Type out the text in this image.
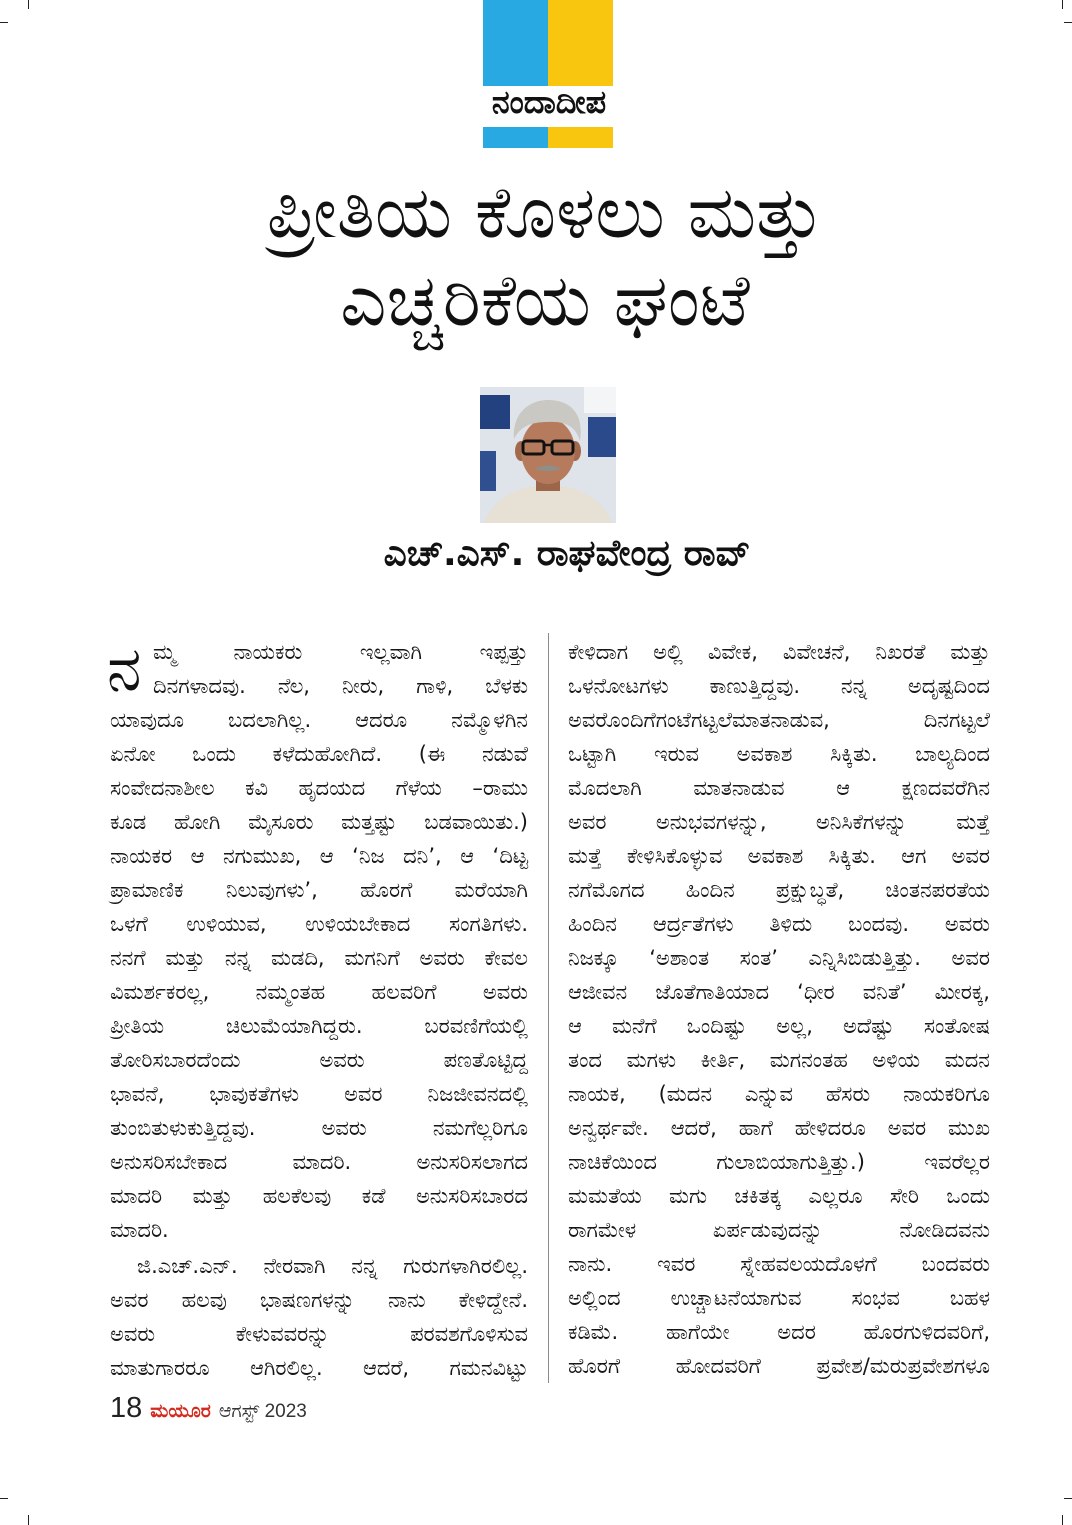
ನಂದಾದೀಪ
ಪ್ರೀತಿಯ ಕೊಳಲು ಮತ್ತು
ಎಚ್ಚರಿಕೆಯ ಘಂಟೆ
ಎಚ್‌.ಎಸ್‌. ರಾಘವೇಂದ್ರ ರಾವ್
ನ ಮ್ಮ ನಾಯಕರು ಇಲ್ಲವಾಗಿ ಇಪ್ಪತ್ತು
ದಿನಗಳಾದವು. ನೆಲ, ನೀರು, ಗಾಳಿ, ಬೆಳಕು
ಯಾವುದೂ ಬದಲಾಗಿಲ್ಲ. ಆದರೂ ನಮ್ಮೊಳಗಿನ
ಏನೋ ಒಂದು ಕಳೆದುಹೋಗಿದೆ. (ಈ ನಡುವೆ
ಸಂವೇದನಾಶೀಲ ಕವಿ ಹೃದಯದ ಗೆಳೆಯ –ರಾಮು
ಕೂಡ ಹೋಗಿ ಮೈಸೂರು ಮತ್ತಷ್ಟು ಬಡವಾಯಿತು.)
ನಾಯಕರ ಆ ನಗುಮುಖ, ಆ ‘ನಿಜ ದನಿ’, ಆ ‘ದಿಟ್ಟ
ಪ್ರಾಮಾಣಿಕ ನಿಲುವುಗಳು’, ಹೊರಗೆ ಮರೆಯಾಗಿ
ಒಳಗೆ ಉಳಿಯುವ, ಉಳಿಯಬೇಕಾದ ಸಂಗತಿಗಳು.
ನನಗೆ ಮತ್ತು ನನ್ನ ಮಡದಿ, ಮಗನಿಗೆ ಅವರು ಕೇವಲ
ವಿಮರ್ಶಕರಲ್ಲ, ನಮ್ಮಂತಹ ಹಲವರಿಗೆ ಅವರು
ಪ್ರೀತಿಯ ಚಿಲುಮೆಯಾಗಿದ್ದರು. ಬರವಣಿಗೆಯಲ್ಲಿ
ತೋರಿಸಬಾರದೆಂದು ಅವರು ಪಣತೊಟ್ಟಿದ್ದ
ಭಾವನೆ, ಭಾವುಕತೆಗಳು ಅವರ ನಿಜಜೀವನದಲ್ಲಿ
ತುಂಬಿತುಳುಕುತ್ತಿದ್ದವು. ಅವರು ನಮಗೆಲ್ಲರಿಗೂ
ಅನುಸರಿಸಬೇಕಾದ ಮಾದರಿ. ಅನುಸರಿಸಲಾಗದ
ಮಾದರಿ ಮತ್ತು ಹಲಕೆಲವು ಕಡೆ ಅನುಸರಿಸಬಾರದ
ಮಾದರಿ.
ಜಿ.ಎಚ್‌.ಎನ್‌. ನೇರವಾಗಿ ನನ್ನ ಗುರುಗಳಾಗಿರಲಿಲ್ಲ.
ಅವರ ಹಲವು ಭಾಷಣಗಳನ್ನು ನಾನು ಕೇಳಿದ್ದೇನೆ.
ಅವರು ಕೇಳುವವರನ್ನು ಪರವಶಗೊಳಿಸುವ
ಮಾತುಗಾರರೂ ಆಗಿರಲಿಲ್ಲ. ಆದರೆ, ಗಮನವಿಟ್ಟು
ಕೇಳಿದಾಗ ಅಲ್ಲಿ ವಿವೇಕ, ವಿವೇಚನೆ, ನಿಖರತೆ ಮತ್ತು
ಒಳನೋಟಗಳು ಕಾಣುತ್ತಿದ್ದವು. ನನ್ನ ಅದೃಷ್ಟದಿಂದ
ಅವರೊಂದಿಗೆಗಂಟೆಗಟ್ಟಲೆಮಾತನಾಡುವ, ದಿನಗಟ್ಟಲೆ
ಒಟ್ಟಾಗಿ ಇರುವ ಅವಕಾಶ ಸಿಕ್ಕಿತು. ಬಾಲ್ಯದಿಂದ
ಮೊದಲಾಗಿ ಮಾತನಾಡುವ ಆ ಕ್ಷಣದವರೆಗಿನ
ಅವರ ಅನುಭವಗಳನ್ನು, ಅನಿಸಿಕೆಗಳನ್ನು ಮತ್ತೆ
ಮತ್ತೆ ಕೇಳಿಸಿಕೊಳ್ಳುವ ಅವಕಾಶ ಸಿಕ್ಕಿತು. ಆಗ ಅವರ
ನಗೆಮೊಗದ ಹಿಂದಿನ ಪ್ರಕ್ಷುಬ್ಧತೆ, ಚಿಂತನಪರತೆಯ
ಹಿಂದಿನ ಆರ್ದ್ರತೆಗಳು ತಿಳಿದು ಬಂದವು. ಅವರು
ನಿಜಕ್ಕೂ ‘ಅಶಾಂತ ಸಂತ’ ಎನ್ನಿಸಿಬಿಡುತ್ತಿತ್ತು. ಅವರ
ಆಜೀವನ ಜೊತೆಗಾತಿಯಾದ ‘ಧೀರ ವನಿತೆ’ ಮೀರಕ್ಕ,
ಆ ಮನೆಗೆ ಒಂದಿಷ್ಟು ಅಲ್ಲ, ಅದೆಷ್ಟು ಸಂತೋಷ
ತಂದ ಮಗಳು ಕೀರ್ತಿ, ಮಗನಂತಹ ಅಳಿಯ ಮದನ
ನಾಯಕ, (ಮದನ ಎನ್ನುವ ಹೆಸರು ನಾಯಕರಿಗೂ
ಅನ್ವರ್ಥವೇ. ಆದರೆ, ಹಾಗೆ ಹೇಳಿದರೂ ಅವರ ಮುಖ
ನಾಚಿಕೆಯಿಂದ ಗುಲಾಬಿಯಾಗುತ್ತಿತ್ತು.) ಇವರೆಲ್ಲರ
ಮಮತೆಯ ಮಗು ಚಕಿತಕ್ಕ ಎಲ್ಲರೂ ಸೇರಿ ಒಂದು
ರಾಗಮೇಳ ಏರ್ಪಡುವುದನ್ನು ನೋಡಿದವನು
ನಾನು. ಇವರ ಸ್ನೇಹವಲಯದೊಳಗೆ ಬಂದವರು
ಅಲ್ಲಿಂದ ಉಚ್ಚಾಟನೆಯಾಗುವ ಸಂಭವ ಬಹಳ
ಕಡಿಮೆ. ಹಾಗೆಯೇ ಅದರ ಹೊರಗುಳಿದವರಿಗೆ,
ಹೊರಗೆ ಹೋದವರಿಗೆ ಪ್ರವೇಶ/ಮರುಪ್ರವೇಶಗಳೂ
18 ಮಯೂರ ಆಗಸ್ಟ್ 2023
